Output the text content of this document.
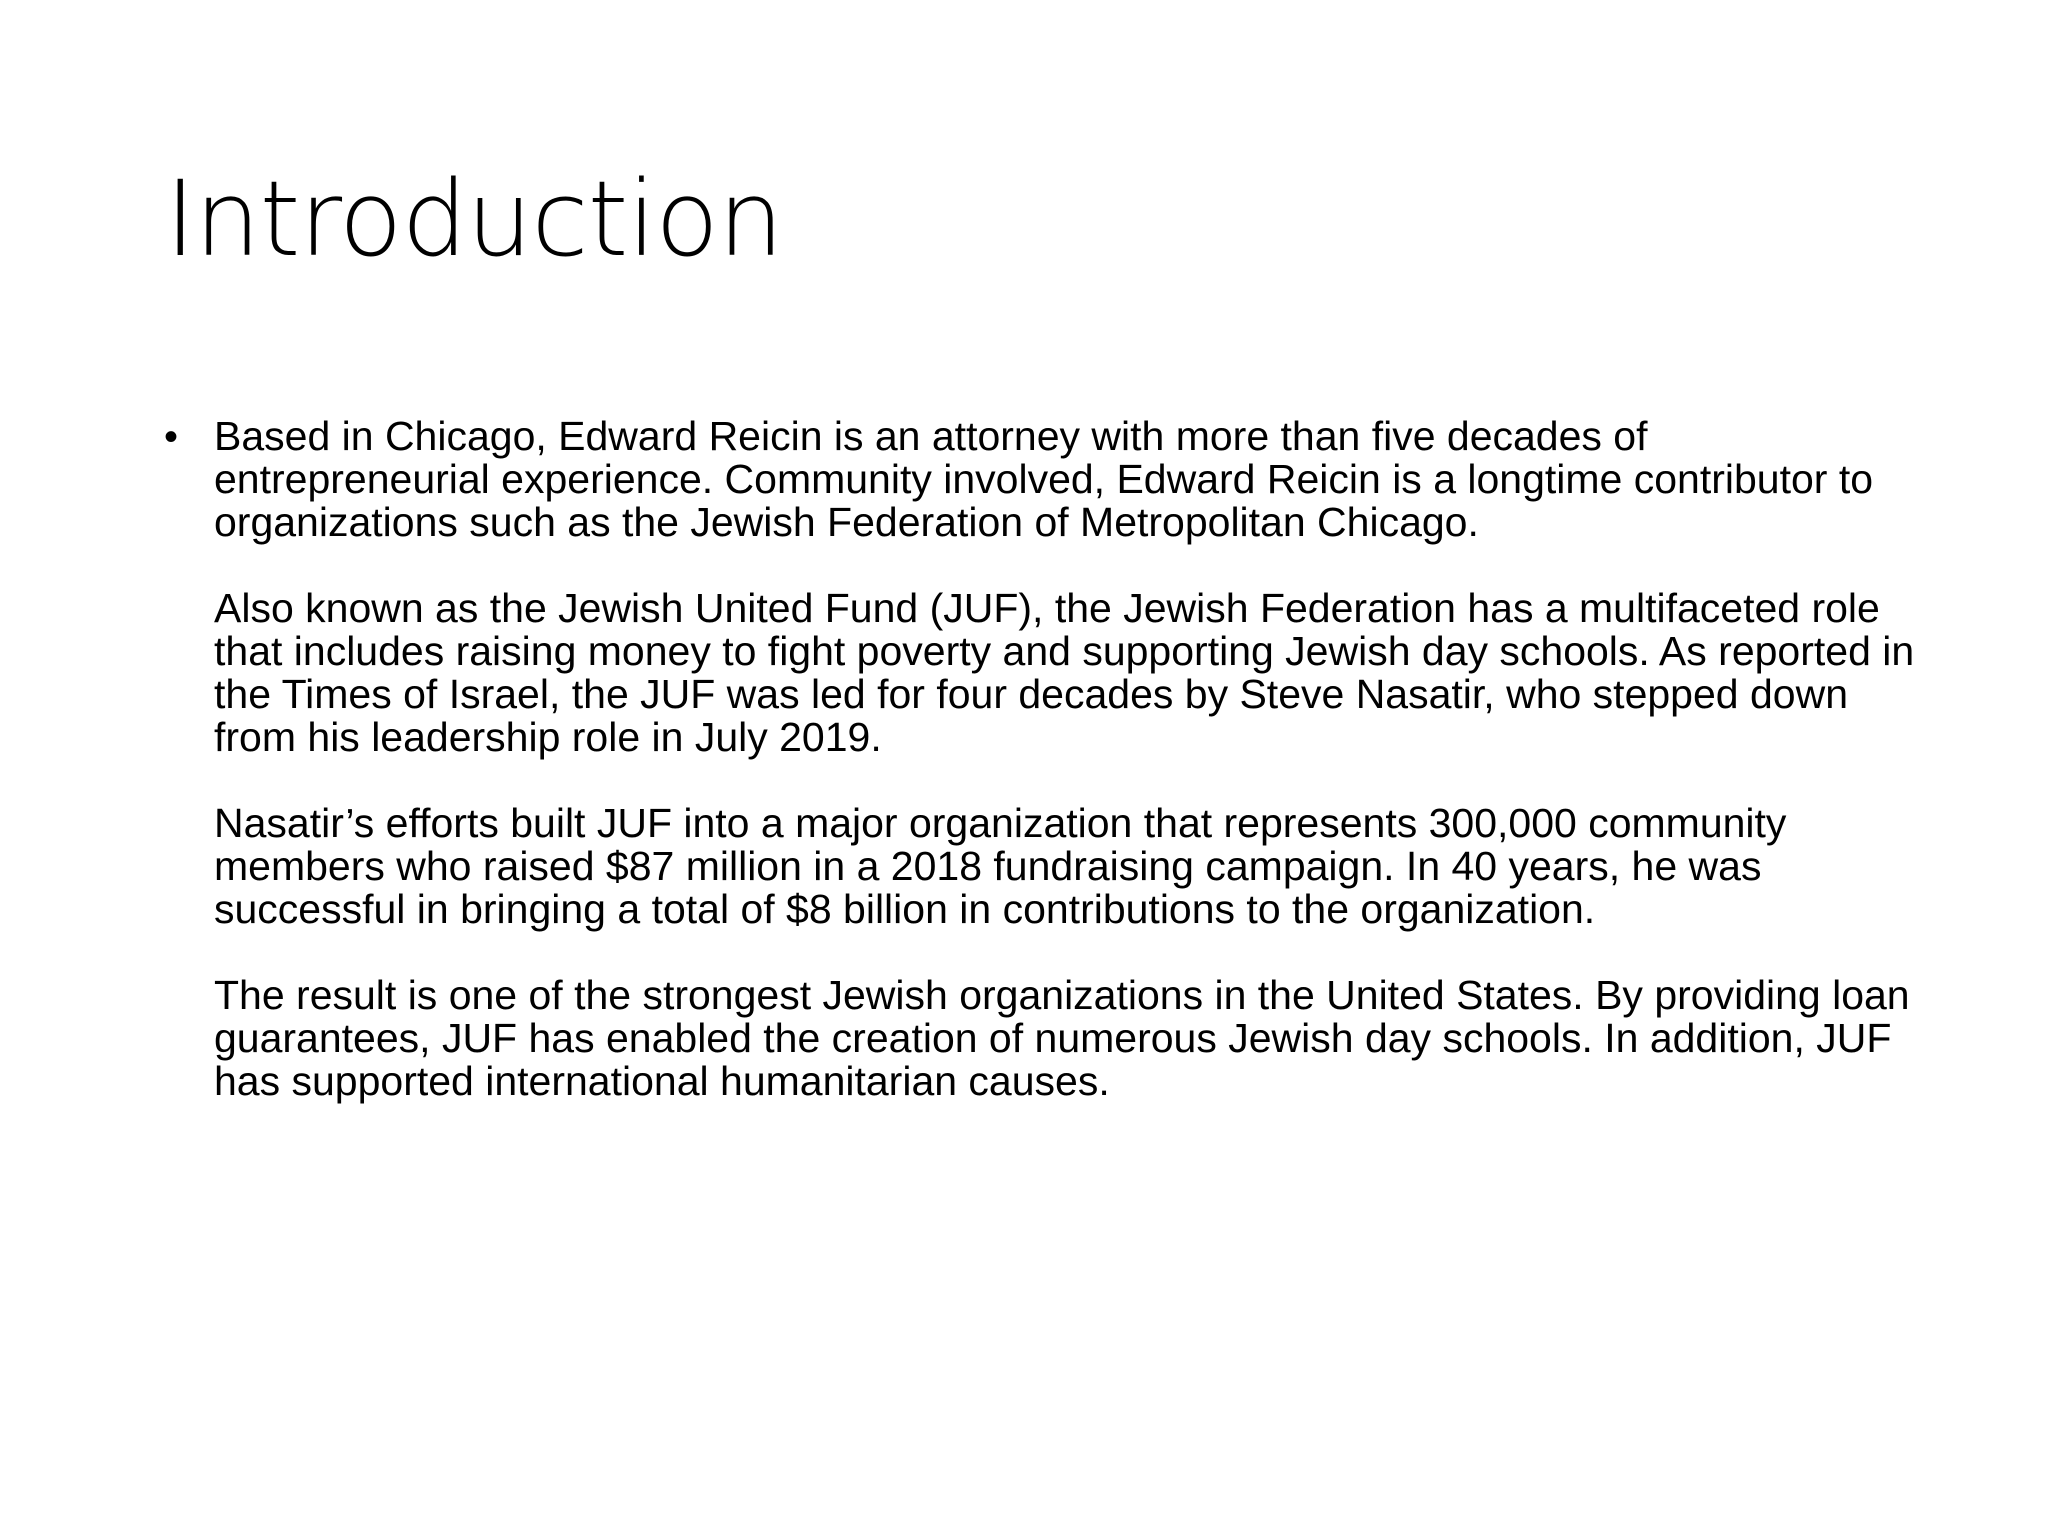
Introduction
• Based in Chicago, Edward Reicin is an attorney with more than five decades of entrepreneurial experience. Community involved, Edward Reicin is a longtime contributor to organizations such as the Jewish Federation of Metropolitan Chicago.

Also known as the Jewish United Fund (JUF), the Jewish Federation has a multifaceted role that includes raising money to fight poverty and supporting Jewish day schools. As reported in the Times of Israel, the JUF was led for four decades by Steve Nasatir, who stepped down from his leadership role in July 2019.

Nasatir’s efforts built JUF into a major organization that represents 300,000 community members who raised $87 million in a 2018 fundraising campaign. In 40 years, he was successful in bringing a total of $8 billion in contributions to the organization.

The result is one of the strongest Jewish organizations in the United States. By providing loan guarantees, JUF has enabled the creation of numerous Jewish day schools. In addition, JUF has supported international humanitarian causes.
